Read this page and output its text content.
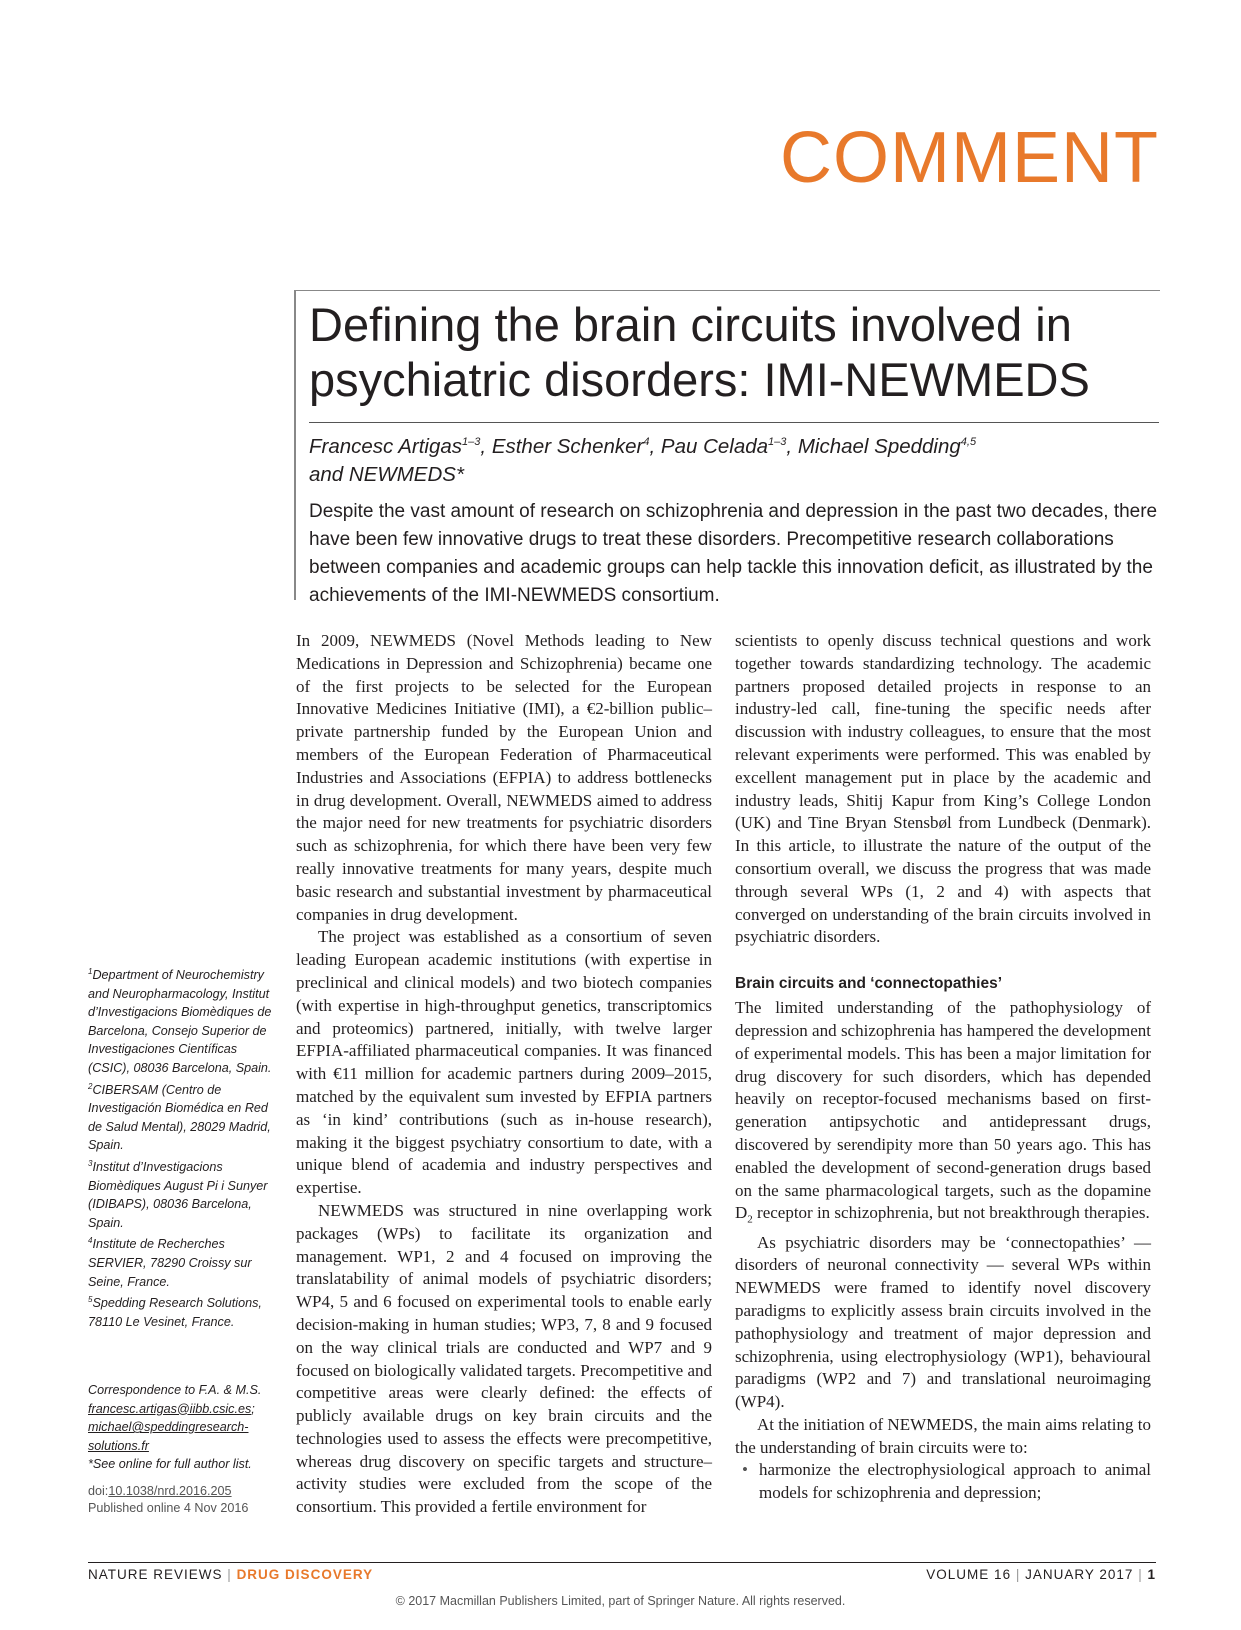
COMMENT
Defining the brain circuits involved in psychiatric disorders: IMI-NEWMEDS
Francesc Artigas$^{1-3}$, Esther Schenker$^4$, Pau Celada$^{1-3}$, Michael Spedding$^{4,5}$
and NEWMEDS*
Despite the vast amount of research on schizophrenia and depression in the past two decades, there have been few innovative drugs to treat these disorders. Precompetitive research collaborations between companies and academic groups can help tackle this innovation deficit, as illustrated by the achievements of the IMI-NEWMEDS consortium.

In 2009, NEWMEDS (Novel Methods leading to New Medications in Depression and Schizophrenia) became one of the first projects to be selected for the European Innovative Medicines Initiative (IMI), a €2-billion public–private partnership funded by the European Union and members of the European Federation of Pharmaceutical Industries and Associations (EFPIA) to address bottlenecks in drug development. Overall, NEWMEDS aimed to address the major need for new treatments for psychiatric disorders such as schizophrenia, for which there have been very few really innovative treatments for many years, despite much basic research and substantial investment by pharmaceutical companies in drug development.

The project was established as a consortium of seven leading European academic institutions (with expertise in preclinical and clinical models) and two biotech companies (with expertise in high-throughput genetics, transcriptomics and proteomics) partnered, initially, with twelve larger EFPIA-affiliated pharmaceutical companies. It was financed with €11 million for academic partners during 2009–2015, matched by the equivalent sum invested by EFPIA partners as ‘in kind’ contributions (such as in-house research), making it the biggest psychiatry consortium to date, with a unique blend of academia and industry perspectives and expertise.

NEWMEDS was structured in nine overlapping work packages (WPs) to facilitate its organization and management. WP1, 2 and 4 focused on improving the translatability of animal models of psychiatric disorders; WP4, 5 and 6 focused on experimental tools to enable early decision-making in human studies; WP3, 7, 8 and 9 focused on the way clinical trials are conducted and WP7 and 9 focused on biologically validated targets. Precompetitive and competitive areas were clearly defined: the effects of publicly available drugs on key brain circuits and the technologies used to assess the effects were precompetitive, whereas drug discovery on specific targets and structure–activity studies were excluded from the scope of the consortium. This provided a fertile environment for

scientists to openly discuss technical questions and work together towards standardizing technology. The academic partners proposed detailed projects in response to an industry-led call, fine-tuning the specific needs after discussion with industry colleagues, to ensure that the most relevant experiments were performed. This was enabled by excellent management put in place by the academic and industry leads, Shitij Kapur from King’s College London (UK) and Tine Bryan Stensbøl from Lundbeck (Denmark). In this article, to illustrate the nature of the output of the consortium overall, we discuss the progress that was made through several WPs (1, 2 and 4) with aspects that converged on understanding of the brain circuits involved in psychiatric disorders.

Brain circuits and ‘connectopathies’

The limited understanding of the pathophysiology of depression and schizophrenia has hampered the development of experimental models. This has been a major limitation for drug discovery for such disorders, which has depended heavily on receptor-focused mechanisms based on first-generation antipsychotic and antidepressant drugs, discovered by serendipity more than 50 years ago. This has enabled the development of second-generation drugs based on the same pharmacological targets, such as the dopamine $D_2$ receptor in schizophrenia, but not breakthrough therapies.

As psychiatric disorders may be ‘connectopathies’ — disorders of neuronal connectivity — several WPs within NEWMEDS were framed to identify novel discovery paradigms to explicitly assess brain circuits involved in the pathophysiology and treatment of major depression and schizophrenia, using electrophysiology (WP1), behavioural paradigms (WP2 and 7) and translational neuroimaging (WP4).

At the initiation of NEWMEDS, the main aims relating to the understanding of brain circuits were to:

• harmonize the electrophysiological approach to animal models for schizophrenia and depression;

$^1$Department of Neurochemistry and Neuropharmacology, Institut d’Investigacions Biomèdiques de Barcelona, Consejo Superior de Investigaciones Científicas (CSIC), 08036 Barcelona, Spain.

$^2$CIBERSAM (Centro de Investigación Biomédica en Red de Salud Mental), 28029 Madrid, Spain.

$^3$Institut d’Investigacions Biomèdiques August Pi i Sunyer (IDIBAPS), 08036 Barcelona, Spain.

$^4$Institute de Recherches SERVIER, 78290 Croissy sur Seine, France.

$^5$Spedding Research Solutions, 78110 Le Vesinet, France.

Correspondence to F.A. & M.S.

francesc.artigas@iibb.csic.es; michael@speddingresearch-solutions.fr

*See online for full author list.

doi:10.1038/nrd.2016.205
Published online 4 Nov 2016
NATURE REVIEWS | DRUG DISCOVERY	VOLUME 16 | JANUARY 2017 | 1
© 2017 Macmillan Publishers Limited, part of Springer Nature. All rights reserved.
